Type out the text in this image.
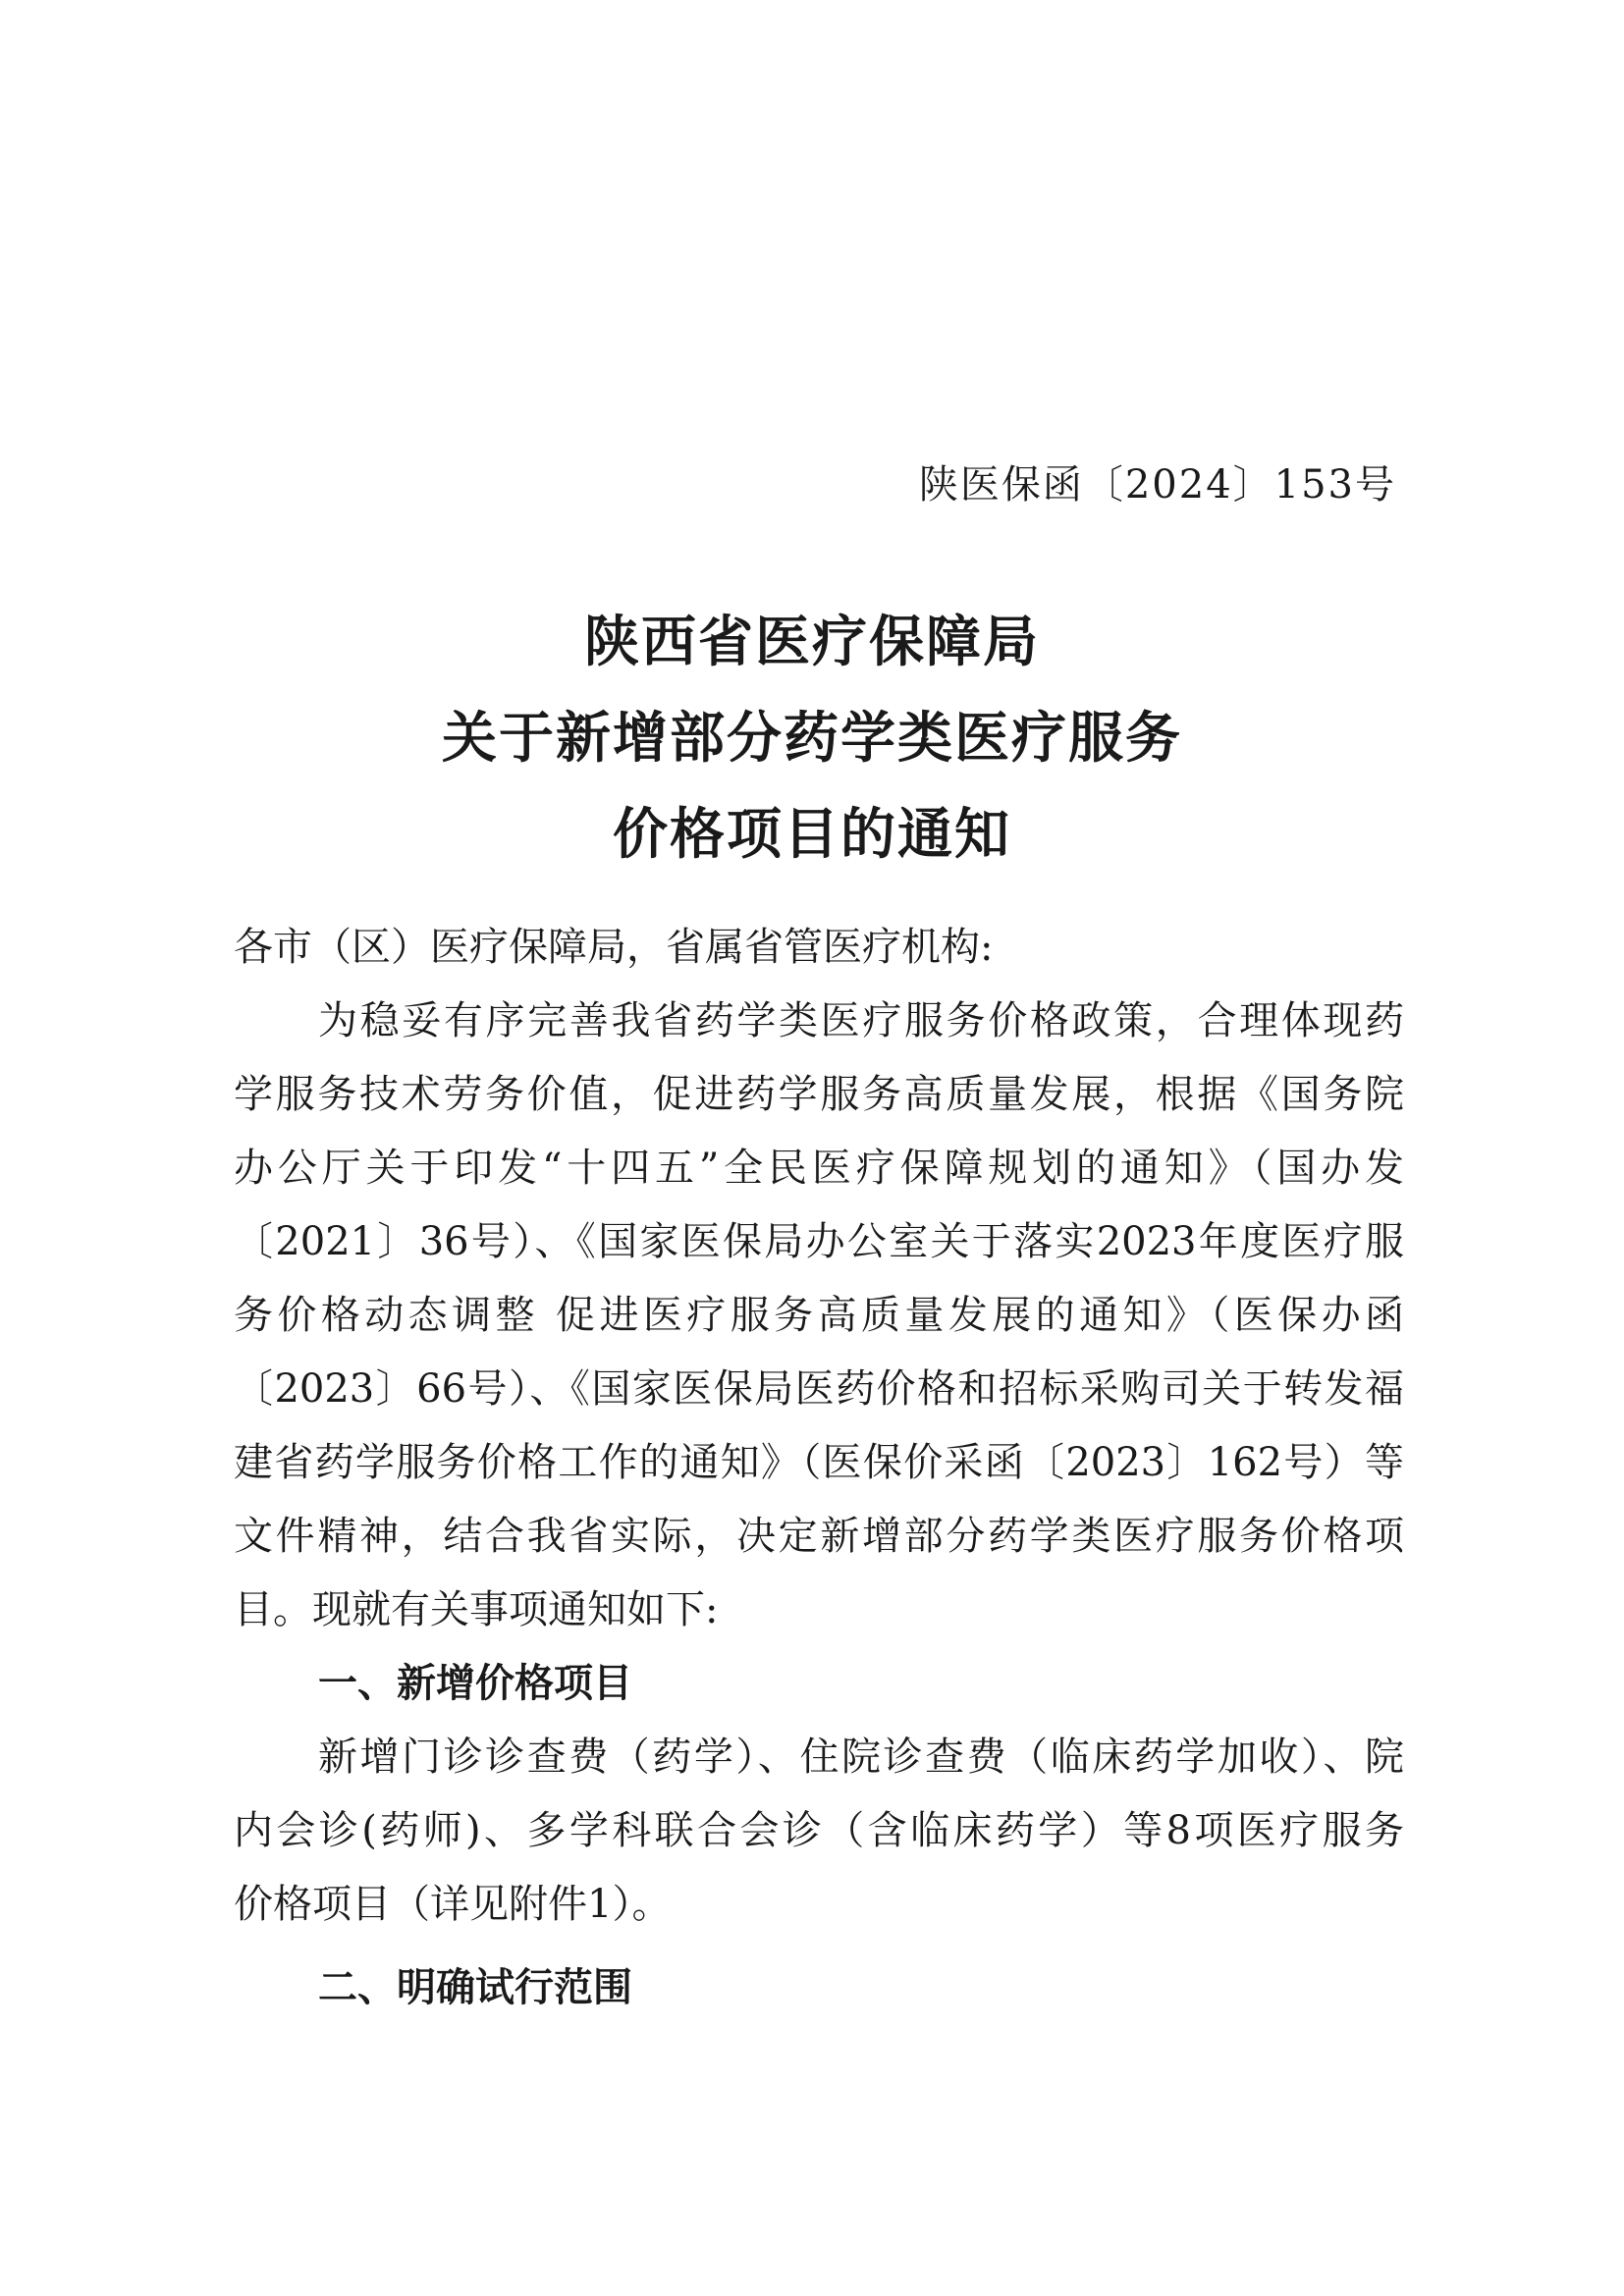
陕医保函〔2024〕153号
陕西省医疗保障局
关于新增部分药学类医疗服务
价格项目的通知
各市（区）医疗保障局，省属省管医疗机构:
为稳妥有序完善我省药学类医疗服务价格政策，合理体现药
学服务技术劳务价值，促进药学服务高质量发展，根据《国务院
办公厅关于印发“十四五”全民医疗保障规划的通知》（国办发
〔2021〕36号）、《国家医保局办公室关于落实2023年度医疗服
务价格动态调整 促进医疗服务高质量发展的通知》（医保办函
〔2023〕66号）、《国家医保局医药价格和招标采购司关于转发福
建省药学服务价格工作的通知》（医保价采函〔2023〕162号）等
文件精神，结合我省实际，决定新增部分药学类医疗服务价格项
目。现就有关事项通知如下:
一、新增价格项目
新增门诊诊查费（药学）、住院诊查费（临床药学加收）、院
内会诊(药师)、多学科联合会诊（含临床药学）等8项医疗服务
价格项目（详见附件1）。
二、明确试行范围
